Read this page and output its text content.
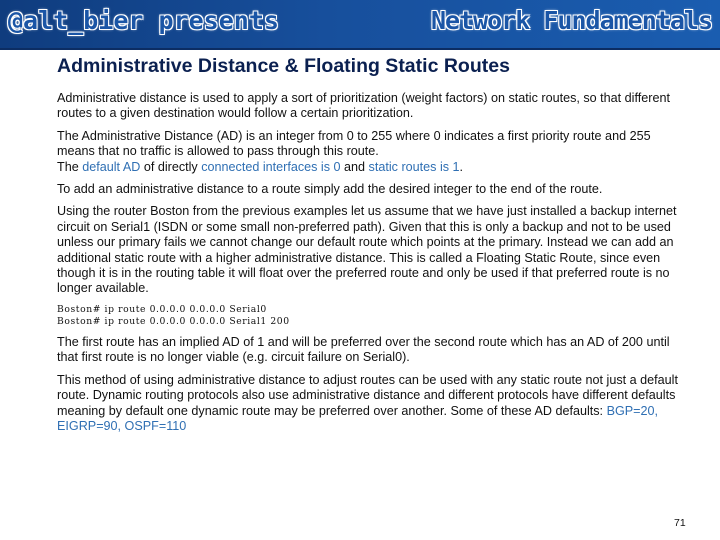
@alt_bier presents	Network Fundamentals
Administrative Distance & Floating Static Routes

Administrative distance is used to apply a sort of prioritization (weight factors) on static routes, so that different routes to a given destination would follow a certain prioritization.

The Administrative Distance (AD) is an integer from 0 to 255 where 0 indicates a first priority route and 255 means that no traffic is allowed to pass through this route.
The default AD of directly connected interfaces is 0 and static routes is 1.

To add an administrative distance to a route simply add the desired integer to the end of the route.

Using the router Boston from the previous examples let us assume that we have just installed a backup internet circuit on Serial1 (ISDN or some small non-preferred path). Given that this is only a backup and not to be used unless our primary fails we cannot change our default route which points at the primary. Instead we can add an additional static route with a higher administrative distance. This is called a Floating Static Route, since even though it is in the routing table it will float over the preferred route and only be used if that preferred route is no longer available.

Boston# ip route 0.0.0.0 0.0.0.0 Serial0
Boston# ip route 0.0.0.0 0.0.0.0 Serial1 200

The first route has an implied AD of 1 and will be preferred over the second route which has an AD of 200 until that first route is no longer viable (e.g. circuit failure on Serial0).

This method of using administrative distance to adjust routes can be used with any static route not just a default route. Dynamic routing protocols also use administrative distance and different protocols have different defaults meaning by default one dynamic route may be preferred over another. Some of these AD defaults: BGP=20, EIGRP=90, OSPF=110

71
